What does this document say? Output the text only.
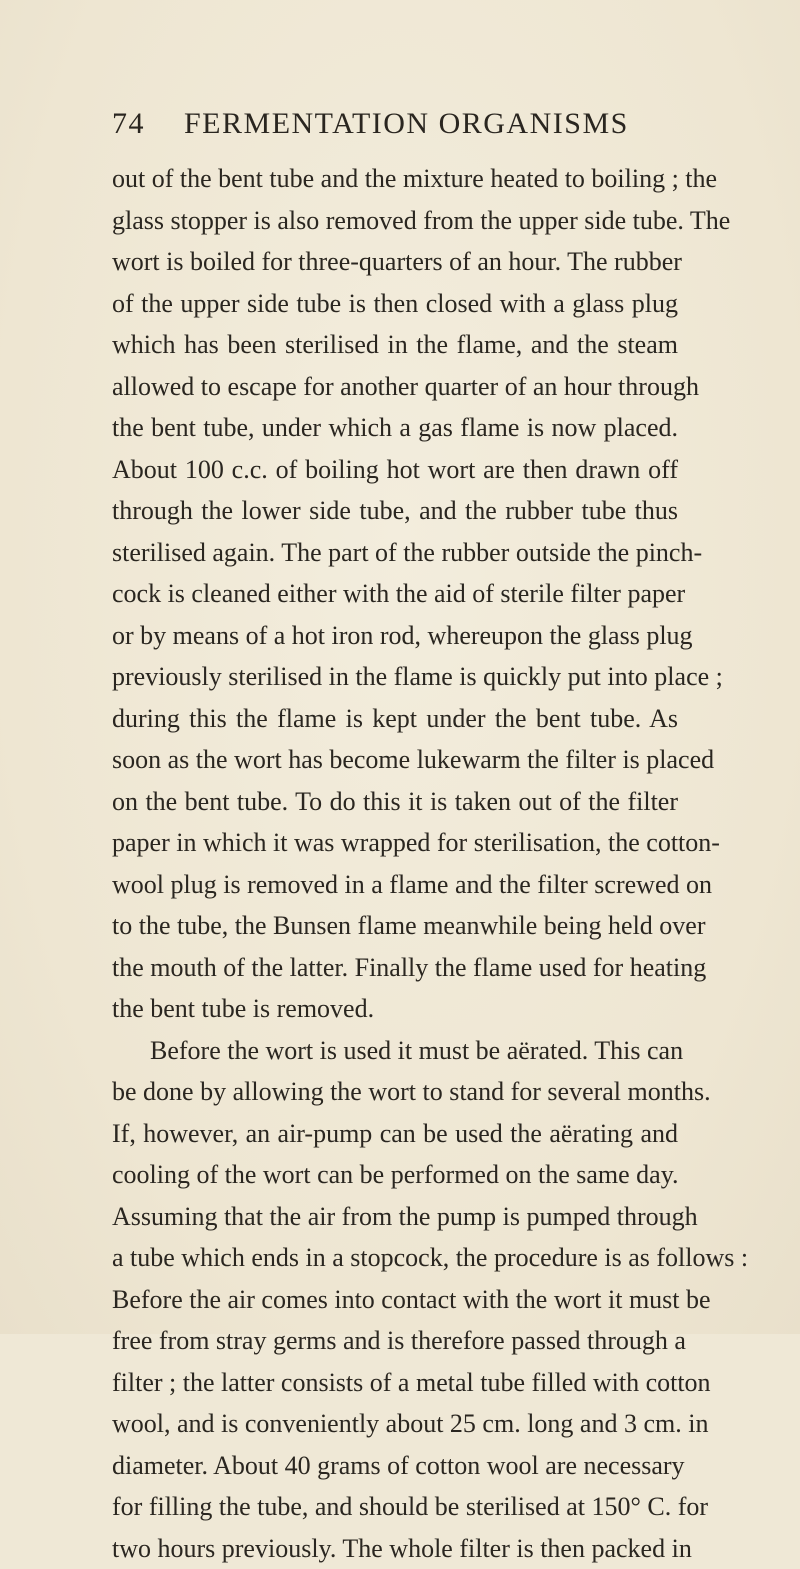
74 FERMENTATION ORGANISMS
out of the bent tube and the mixture heated to boiling ; the
glass stopper is also removed from the upper side tube. The
wort is boiled for three-quarters of an hour. The rubber
of the upper side tube is then closed with a glass plug
which has been sterilised in the flame, and the steam
allowed to escape for another quarter of an hour through
the bent tube, under which a gas flame is now placed.
About 100 c.c. of boiling hot wort are then drawn off
through the lower side tube, and the rubber tube thus
sterilised again. The part of the rubber outside the pinch-
cock is cleaned either with the aid of sterile filter paper
or by means of a hot iron rod, whereupon the glass plug
previously sterilised in the flame is quickly put into place ;
during this the flame is kept under the bent tube. As
soon as the wort has become lukewarm the filter is placed
on the bent tube. To do this it is taken out of the filter
paper in which it was wrapped for sterilisation, the cotton-
wool plug is removed in a flame and the filter screwed on
to the tube, the Bunsen flame meanwhile being held over
the mouth of the latter. Finally the flame used for heating
the bent tube is removed.
Before the wort is used it must be aërated. This can
be done by allowing the wort to stand for several months.
If, however, an air-pump can be used the aërating and
cooling of the wort can be performed on the same day.
Assuming that the air from the pump is pumped through
a tube which ends in a stopcock, the procedure is as follows :
Before the air comes into contact with the wort it must be
free from stray germs and is therefore passed through a
filter ; the latter consists of a metal tube filled with cotton
wool, and is conveniently about 25 cm. long and 3 cm. in
diameter. About 40 grams of cotton wool are necessary
for filling the tube, and should be sterilised at 150° C. for
two hours previously. The whole filter is then packed in
